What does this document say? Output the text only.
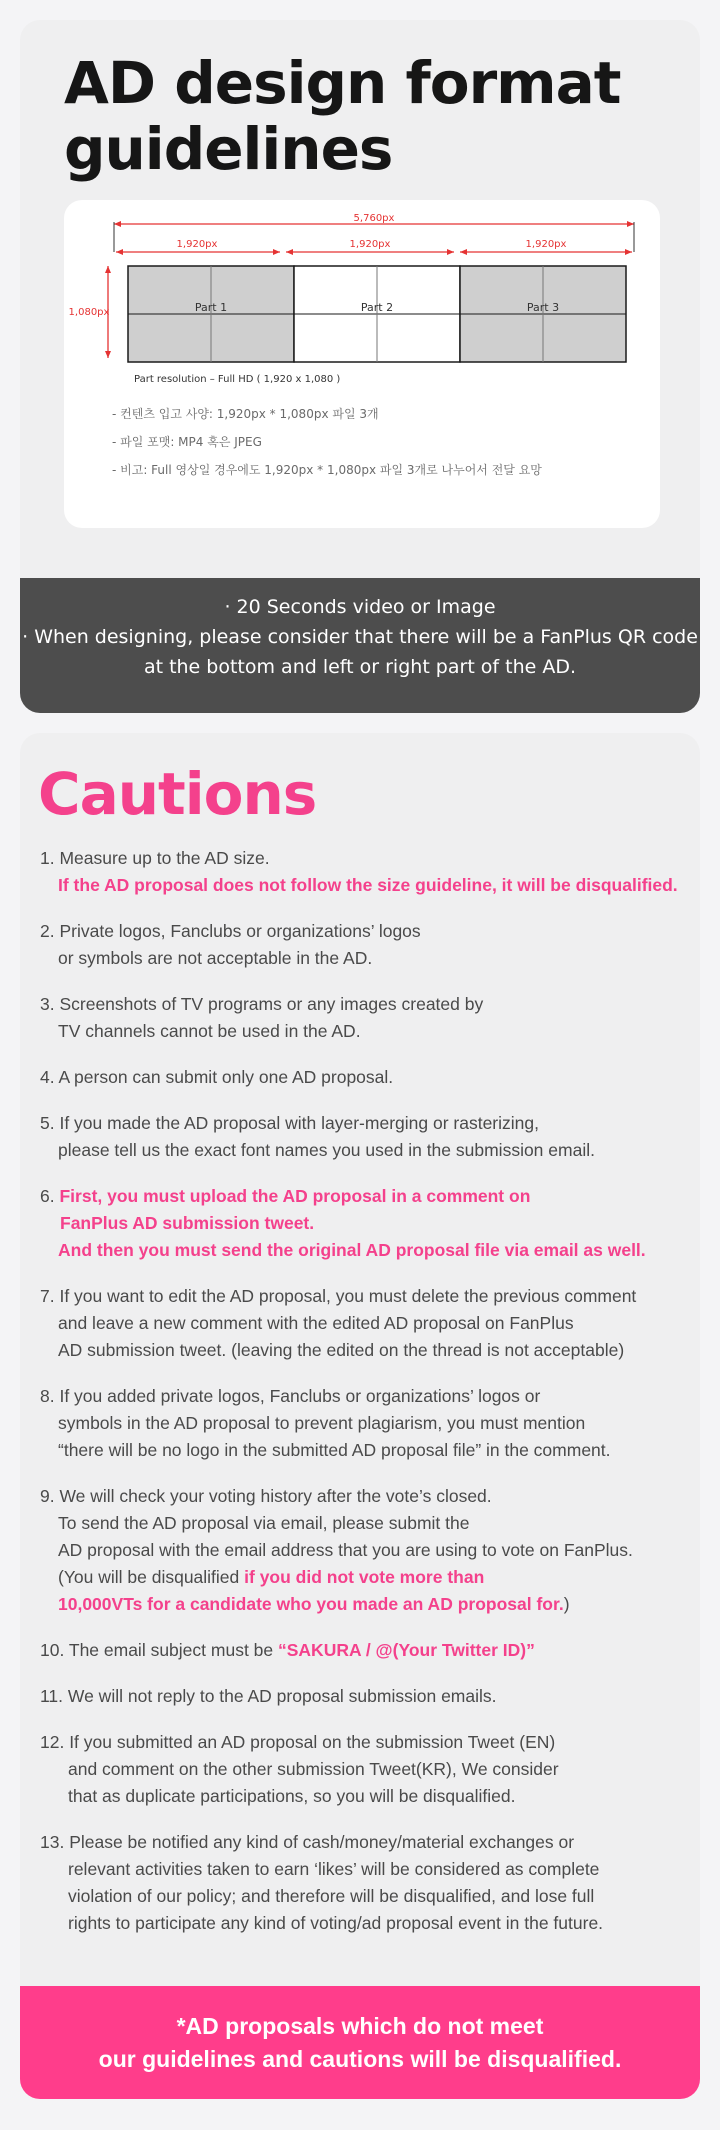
AD design format
guidelines
5,760px
1,920px	1,920px	1,920px
1,080px	Part 1	Part 2	Part 3
Part resolution – Full HD ( 1,920 x 1,080 )
- 컨텐츠 입고 사양: 1,920px * 1,080px 파일 3개
- 파일 포맷: MP4 혹은 JPEG
- 비고: Full 영상일 경우에도 1,920px * 1,080px 파일 3개로 나누어서 전달 요망
· 20 Seconds video or Image
· When designing, please consider that there will be a FanPlus QR code
at the bottom and left or right part of the AD.
Cautions
1. Measure up to the AD size.
If the AD proposal does not follow the size guideline, it will be disqualified.
2. Private logos, Fanclubs or organizations’ logos
or symbols are not acceptable in the AD.
3. Screenshots of TV programs or any images created by
TV channels cannot be used in the AD.
4. A person can submit only one AD proposal.
5. If you made the AD proposal with layer-merging or rasterizing,
please tell us the exact font names you used in the submission email.
6. First, you must upload the AD proposal in a comment on
FanPlus AD submission tweet.
And then you must send the original AD proposal file via email as well.
7. If you want to edit the AD proposal, you must delete the previous comment
and leave a new comment with the edited AD proposal on FanPlus
AD submission tweet. (leaving the edited on the thread is not acceptable)
8. If you added private logos, Fanclubs or organizations’ logos or
symbols in the AD proposal to prevent plagiarism, you must mention
“there will be no logo in the submitted AD proposal file” in the comment.
9. We will check your voting history after the vote’s closed.
To send the AD proposal via email, please submit the
AD proposal with the email address that you are using to vote on FanPlus.
(You will be disqualified if you did not vote more than
10,000VTs for a candidate who you made an AD proposal for.)
10. The email subject must be “SAKURA / @(Your Twitter ID)”
11. We will not reply to the AD proposal submission emails.
12. If you submitted an AD proposal on the submission Tweet (EN)
and comment on the other submission Tweet(KR), We consider
that as duplicate participations, so you will be disqualified.
13. Please be notified any kind of cash/money/material exchanges or
relevant activities taken to earn ‘likes’ will be considered as complete
violation of our policy; and therefore will be disqualified, and lose full
rights to participate any kind of voting/ad proposal event in the future.
*AD proposals which do not meet
our guidelines and cautions will be disqualified.
